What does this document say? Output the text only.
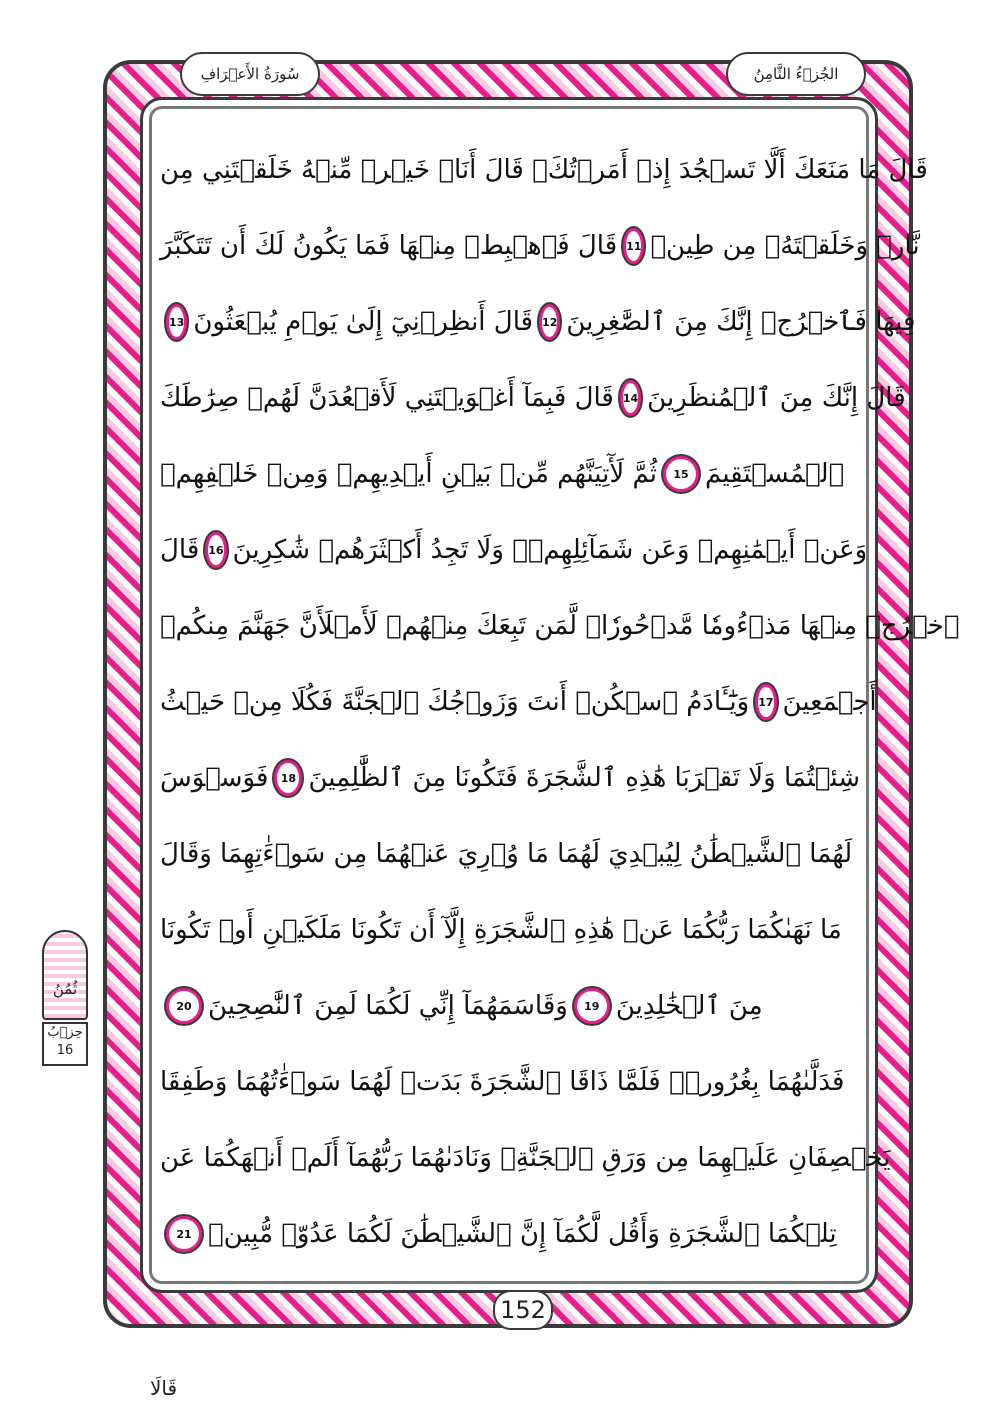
سُورَةُ الأَعۡرَافِ	الجُزۡءُ الثَّامِنُ
قَالَ مَا مَنَعَكَ أَلَّا تَسۡجُدَ إِذۡ أَمَرۡتُكَۖ قَالَ أَنَا۠ خَيۡرٞ مِّنۡهُ خَلَقۡتَنِي مِن
نَّارٖ وَخَلَقۡتَهُۥ مِن طِينٖ
11
قَالَ فَٱهۡبِطۡ مِنۡهَا فَمَا يَكُونُ لَكَ أَن تَتَكَبَّرَ
فِيهَا فَٱخۡرُجۡ إِنَّكَ مِنَ ٱلصَّٰغِرِينَ
12
قَالَ أَنظِرۡنِيٓ إِلَىٰ يَوۡمِ يُبۡعَثُونَ
13
قَالَ إِنَّكَ مِنَ ٱلۡمُنظَرِينَ
14
قَالَ فَبِمَآ أَغۡوَيۡتَنِي لَأَقۡعُدَنَّ لَهُمۡ صِرَٰطَكَ
ٱلۡمُسۡتَقِيمَ
15
ثُمَّ لَأٓتِيَنَّهُم مِّنۢ بَيۡنِ أَيۡدِيهِمۡ وَمِنۡ خَلۡفِهِمۡ
وَعَنۡ أَيۡمَٰنِهِمۡ وَعَن شَمَآئِلِهِمۡۖ وَلَا تَجِدُ أَكۡثَرَهُمۡ شَٰكِرِينَ
16
قَالَ
ٱخۡرُجۡ مِنۡهَا مَذۡءُومٗا مَّدۡحُورٗاۖ لَّمَن تَبِعَكَ مِنۡهُمۡ لَأَمۡلَأَنَّ جَهَنَّمَ مِنكُمۡ
أَجۡمَعِينَ
17
وَيَٰٓـَٔادَمُ ٱسۡكُنۡ أَنتَ وَزَوۡجُكَ ٱلۡجَنَّةَ فَكُلَا مِنۡ حَيۡثُ
شِئۡتُمَا وَلَا تَقۡرَبَا هَٰذِهِ ٱلشَّجَرَةَ فَتَكُونَا مِنَ ٱلظَّٰلِمِينَ
18
فَوَسۡوَسَ
لَهُمَا ٱلشَّيۡطَٰنُ لِيُبۡدِيَ لَهُمَا مَا وُۥرِيَ عَنۡهُمَا مِن سَوۡءَٰتِهِمَا وَقَالَ
مَا نَهَىٰكُمَا رَبُّكُمَا عَنۡ هَٰذِهِ ٱلشَّجَرَةِ إِلَّآ أَن تَكُونَا مَلَكَيۡنِ أَوۡ تَكُونَا
مِنَ ٱلۡخَٰلِدِينَ
19
وَقَاسَمَهُمَآ إِنِّي لَكُمَا لَمِنَ ٱلنَّٰصِحِينَ
20
فَدَلَّىٰهُمَا بِغُرُورٖۚ فَلَمَّا ذَاقَا ٱلشَّجَرَةَ بَدَتۡ لَهُمَا سَوۡءَٰتُهُمَا وَطَفِقَا
يَخۡصِفَانِ عَلَيۡهِمَا مِن وَرَقِ ٱلۡجَنَّةِۖ وَنَادَىٰهُمَا رَبُّهُمَآ أَلَمۡ أَنۡهَكُمَا عَن
تِلۡكُمَا ٱلشَّجَرَةِ وَأَقُل لَّكُمَآ إِنَّ ٱلشَّيۡطَٰنَ لَكُمَا عَدُوّٞ مُّبِينٞ
21
ثُمُنُ
حِزۡبُ
16
152
قَالَا
